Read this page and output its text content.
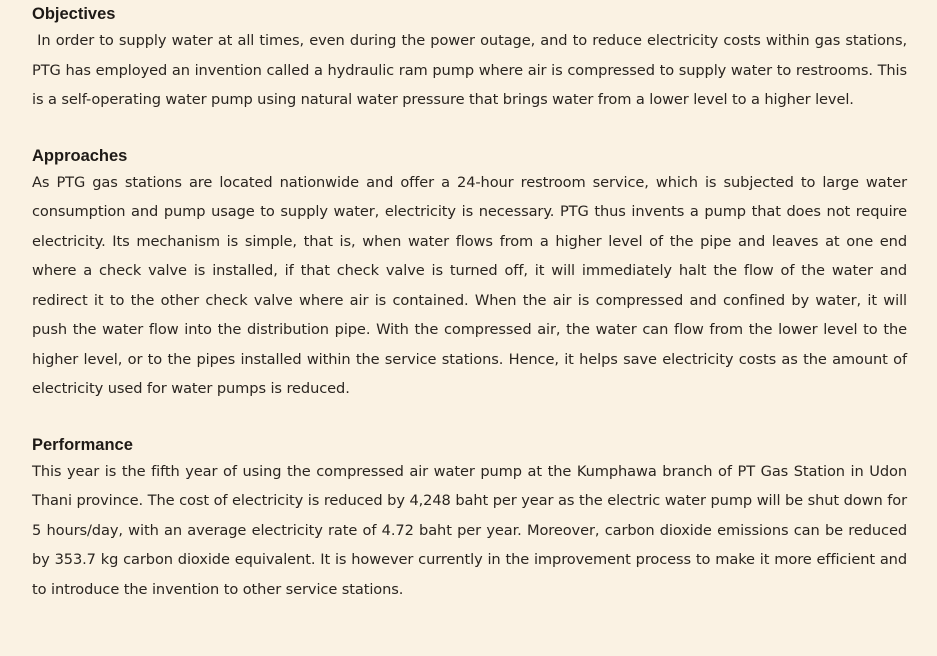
Objectives

In order to supply water at all times, even during the power outage, and to reduce electricity costs within gas stations, PTG has employed an invention called a hydraulic ram pump where air is compressed to supply water to restrooms. This is a self-operating water pump using natural water pressure that brings water from a lower level to a higher level.

Approaches

As PTG gas stations are located nationwide and offer a 24-hour restroom service, which is subjected to large water consumption and pump usage to supply water, electricity is necessary. PTG thus invents a pump that does not require electricity. Its mechanism is simple, that is, when water flows from a higher level of the pipe and leaves at one end where a check valve is installed, if that check valve is turned off, it will immediately halt the flow of the water and redirect it to the other check valve where air is contained. When the air is compressed and confined by water, it will push the water flow into the distribution pipe. With the compressed air, the water can flow from the lower level to the higher level, or to the pipes installed within the service stations. Hence, it helps save electricity costs as the amount of electricity used for water pumps is reduced.

Performance

This year is the fifth year of using the compressed air water pump at the Kumphawa branch of PT Gas Station in Udon Thani province. The cost of electricity is reduced by 4,248 baht per year as the electric water pump will be shut down for 5 hours/day, with an average electricity rate of 4.72 baht per year. Moreover, carbon dioxide emissions can be reduced by 353.7 kg carbon dioxide equivalent. It is however currently in the improvement process to make it more efficient and to introduce the invention to other service stations.
